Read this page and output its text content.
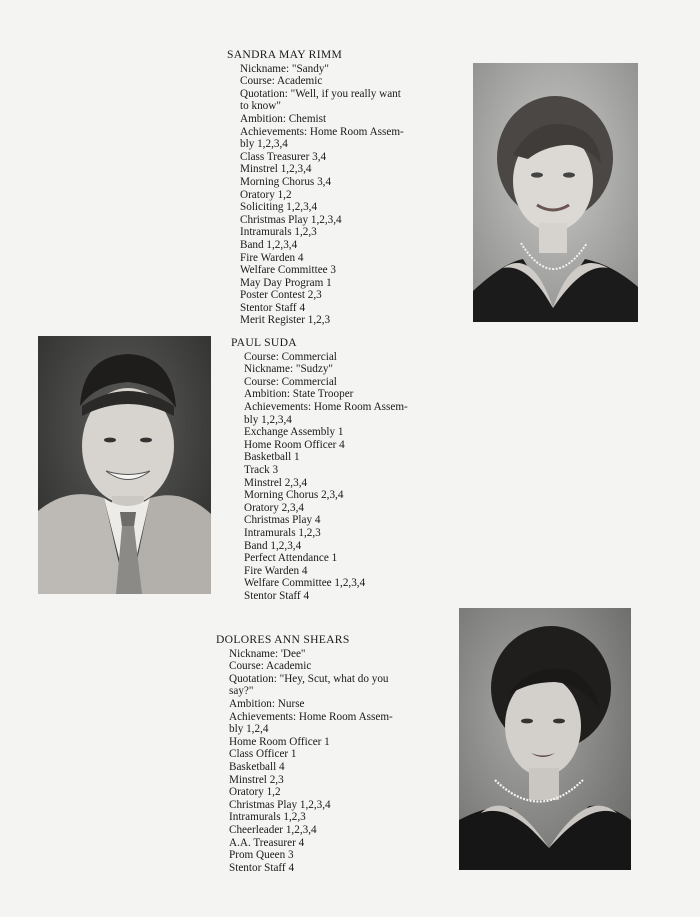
SANDRA MAY RIMM
Nickname: "Sandy"
Course: Academic
Quotation: "Well, if you really want
to know"
Ambition: Chemist
Achievements: Home Room Assem-
bly 1,2,3,4
Class Treasurer 3,4
Minstrel 1,2,3,4
Morning Chorus 3,4
Oratory 1,2
Soliciting 1,2,3,4
Christmas Play 1,2,3,4
Intramurals 1,2,3
Band 1,2,3,4
Fire Warden 4
Welfare Committee 3
May Day Program 1
Poster Contest 2,3
Stentor Staff 4
Merit Register 1,2,3
PAUL SUDA
Course: Commercial
Nickname: "Sudzy"
Course: Commercial
Ambition: State Trooper
Achievements: Home Room Assem-
bly 1,2,3,4
Exchange Assembly 1
Home Room Officer 4
Basketball 1
Track 3
Minstrel 2,3,4
Morning Chorus 2,3,4
Oratory 2,3,4
Christmas Play 4
Intramurals 1,2,3
Band 1,2,3,4
Perfect Attendance 1
Fire Warden 4
Welfare Committee 1,2,3,4
Stentor Staff 4
DOLORES ANN SHEARS
Nickname: 'Dee"
Course: Academic
Quotation: "Hey, Scut, what do you
say?"
Ambition: Nurse
Achievements: Home Room Assem-
bly 1,2,4
Home Room Officer 1
Class Officer 1
Basketball 4
Minstrel 2,3
Oratory 1,2
Christmas Play 1,2,3,4
Intramurals 1,2,3
Cheerleader 1,2,3,4
A.A. Treasurer 4
Prom Queen 3
Stentor Staff 4
